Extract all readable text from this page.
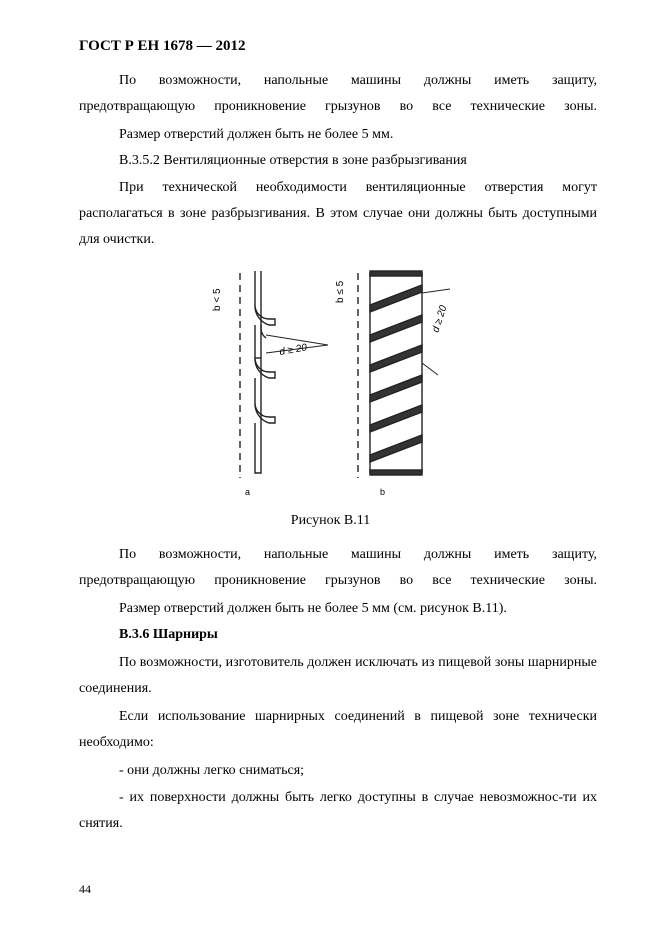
ГОСТ Р ЕН 1678 — 2012
По возможности, напольные машины должны иметь защиту, предотвращающую проникновение грызунов во все технические зоны.
Размер отверстий должен быть не более 5 мм.
В.3.5.2 Вентиляционные отверстия в зоне разбрызгивания
При технической необходимости вентиляционные отверстия могут располагаться в зоне разбрызгивания. В этом случае они должны быть доступными для очистки.
b < 5
d ≥ 20
a
b ≤ 5
d ≥ 20
b
Рисунок В.11
По возможности, напольные машины должны иметь защиту, предотвращающую проникновение грызунов во все технические зоны.
Размер отверстий должен быть не более 5 мм (см. рисунок В.11).
В.3.6 Шарниры
По возможности, изготовитель должен исключать из пищевой зоны шарнирные соединения.
Если использование шарнирных соединений в пищевой зоне технически необходимо:
- они должны легко сниматься;
- их поверхности должны быть легко доступны в случае невозможнос-ти их снятия.
44
